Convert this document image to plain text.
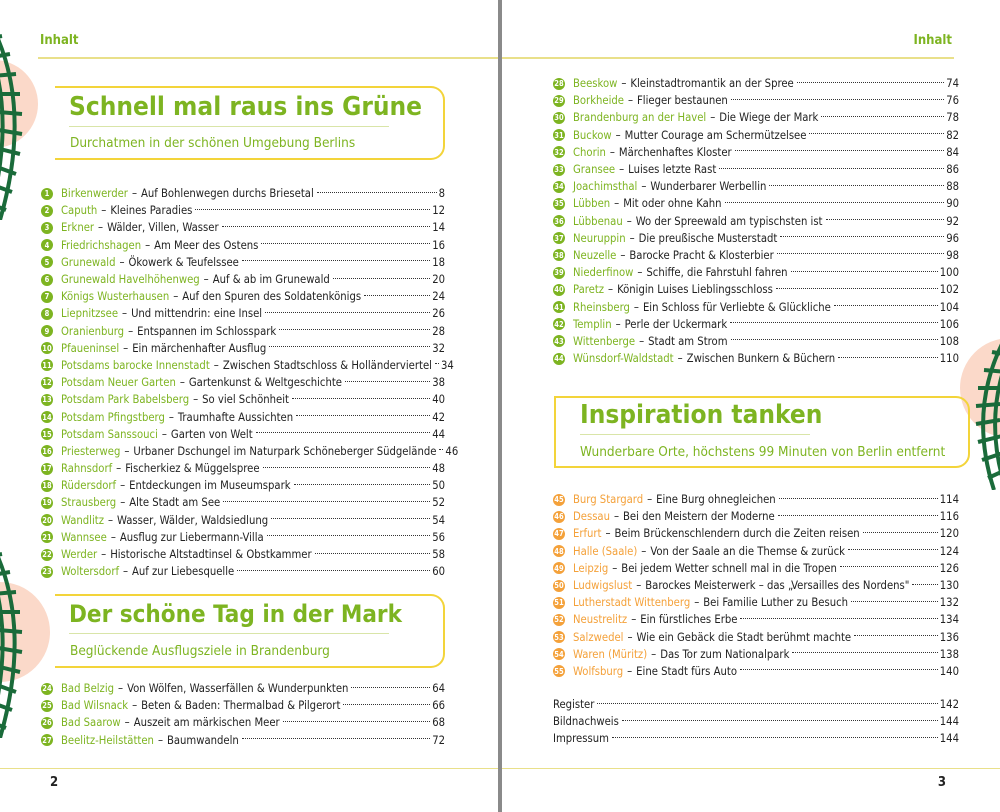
Inhalt
Schnell mal raus ins Grüne
Durchatmen in der schönen Umgebung Berlins
1	Birkenwerder – Auf Bohlenwegen durchs Briesetal	8
2	Caputh – Kleines Paradies	12
3	Erkner – Wälder, Villen, Wasser	14
4	Friedrichshagen – Am Meer des Ostens	16
5	Grunewald – Ökowerk & Teufelssee	18
6	Grunewald Havelhöhenweg – Auf & ab im Grunewald	20
7	Königs Wusterhausen – Auf den Spuren des Soldatenkönigs	24
8	Liepnitzsee – Und mittendrin: eine Insel	26
9	Oranienburg – Entspannen im Schlosspark	28
10 Pfaueninsel – Ein märchenhafter Ausflug	32
11 Potsdams barocke Innenstadt – Zwischen Stadtschloss & Holländerviertel 34
12 Potsdam Neuer Garten – Gartenkunst & Weltgeschichte	38
13 Potsdam Park Babelsberg – So viel Schönheit	40
14 Potsdam Pfingstberg – Traumhafte Aussichten	42
15 Potsdam Sanssouci – Garten von Welt	44
16 Priesterweg – Urbaner Dschungel im Naturpark Schöneberger Südgelände 46
17 Rahnsdorf – Fischerkiez & Müggelspree	48
18 Rüdersdorf – Entdeckungen im Museumspark	50
19 Strausberg – Alte Stadt am See	52
20 Wandlitz – Wasser, Wälder, Waldsiedlung	54
21 Wannsee – Ausflug zur Liebermann-Villa	56
22 Werder – Historische Altstadtinsel & Obstkammer	58
23 Woltersdorf – Auf zur Liebesquelle	60
Der schöne Tag in der Mark
Beglückende Ausflugsziele in Brandenburg
24 Bad Belzig – Von Wölfen, Wasserfällen & Wunderpunkten	64
25 Bad Wilsnack – Beten & Baden: Thermalbad & Pilgerort	66
26 Bad Saarow – Auszeit am märkischen Meer	68
27 Beelitz-Heilstätten – Baumwandeln	72
2
Inhalt
28 Beeskow – Kleinstadtromantik an der Spree	74
29 Borkheide – Flieger bestaunen	76
30 Brandenburg an der Havel – Die Wiege der Mark	78
31 Buckow – Mutter Courage am Schermützelsee	82
32 Chorin – Märchenhaftes Kloster	84
33 Gransee – Luises letzte Rast	86
34 Joachimsthal – Wunderbarer Werbellin	88
35 Lübben – Mit oder ohne Kahn	90
36 Lübbenau – Wo der Spreewald am typischsten ist	92
37 Neuruppin – Die preußische Musterstadt	96
38 Neuzelle – Barocke Pracht & Klosterbier	98
39 Niederfinow – Schiffe, die Fahrstuhl fahren	100
40 Paretz – Königin Luises Lieblingsschloss	102
41 Rheinsberg – Ein Schloss für Verliebte & Glückliche	104
42 Templin – Perle der Uckermark	106
43 Wittenberge – Stadt am Strom	108
44 Wünsdorf-Waldstadt – Zwischen Bunkern & Büchern	110
Inspiration tanken
Wunderbare Orte, höchstens 99 Minuten von Berlin entfernt
45 Burg Stargard – Eine Burg ohnegleichen	114
46 Dessau – Bei den Meistern der Moderne	116
47 Erfurt – Beim Brückenschlendern durch die Zeiten reisen	120
48 Halle (Saale) – Von der Saale an die Themse & zurück	124
49 Leipzig – Bei jedem Wetter schnell mal in die Tropen	126
50 Ludwigslust – Barockes Meisterwerk – das „Versailles des Nordens"	130
51 Lutherstadt Wittenberg – Bei Familie Luther zu Besuch	132
52 Neustrelitz – Ein fürstliches Erbe	134
53 Salzwedel – Wie ein Gebäck die Stadt berühmt machte	136
54 Waren (Müritz) – Das Tor zum Nationalpark	138
55 Wolfsburg – Eine Stadt fürs Auto	140
Register	142
Bildnachweis	144
Impressum	144
3
